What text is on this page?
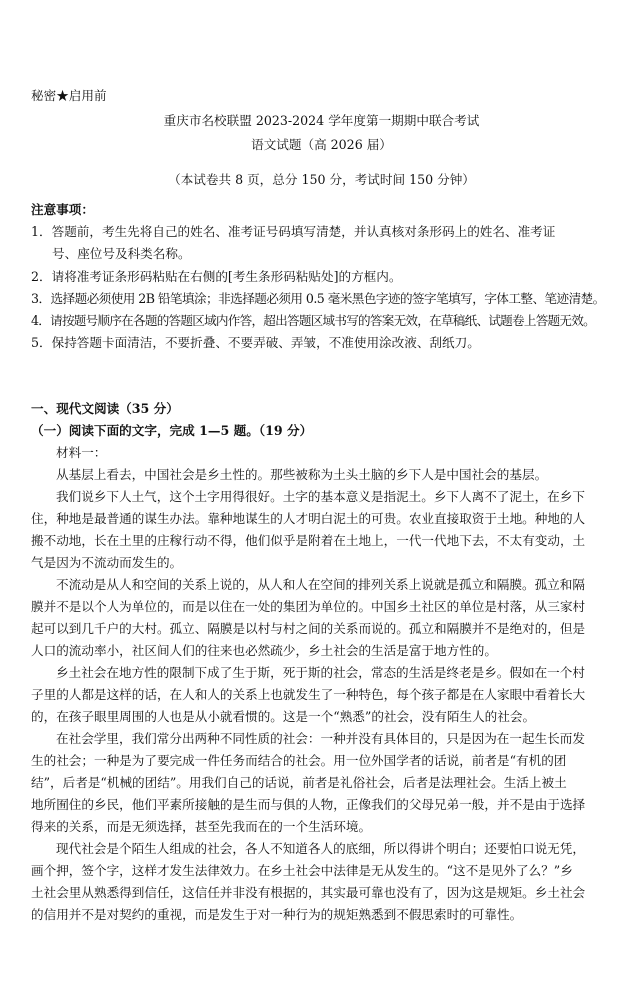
秘密★启用前
重庆市名校联盟 2023-2024 学年度第一期期中联合考试
语文试题（高 2026 届）
（本试卷共 8 页，总分 150 分，考试时间 150 分钟）
注意事项：
1．答题前，考生先将自己的姓名、准考证号码填写清楚，并认真核对条形码上的姓名、准考证
号、座位号及科类名称。
2．请将准考证条形码粘贴在右侧的[考生条形码粘贴处]的方框内。
3．选择题必须使用 2B 铅笔填涂；非选择题必须用 0.5 毫米黑色字迹的签字笔填写，字体工整、笔迹清楚。
4．请按题号顺序在各题的答题区域内作答，超出答题区域书写的答案无效，在草稿纸、试题卷上答题无效。
5．保持答题卡面清洁，不要折叠、不要弄破、弄皱，不准使用涂改液、刮纸刀。
一、现代文阅读（35 分）
（一）阅读下面的文字，完成 1—5 题。（19 分）
材料一：
从基层上看去，中国社会是乡土性的。那些被称为土头土脑的乡下人是中国社会的基层。
我们说乡下人土气，这个土字用得很好。土字的基本意义是指泥土。乡下人离不了泥土，在乡下
住，种地是最普通的谋生办法。靠种地谋生的人才明白泥土的可贵。农业直接取资于土地。种地的人
搬不动地，长在土里的庄稼行动不得，他们似乎是附着在土地上，一代一代地下去，不太有变动，土
气是因为不流动而发生的。
不流动是从人和空间的关系上说的，从人和人在空间的排列关系上说就是孤立和隔膜。孤立和隔
膜并不是以个人为单位的，而是以住在一处的集团为单位的。中国乡土社区的单位是村落，从三家村
起可以到几千户的大村。孤立、隔膜是以村与村之间的关系而说的。孤立和隔膜并不是绝对的，但是
人口的流动率小，社区间人们的往来也必然疏少，乡土社会的生活是富于地方性的。
乡土社会在地方性的限制下成了生于斯，死于斯的社会，常态的生活是终老是乡。假如在一个村
子里的人都是这样的话，在人和人的关系上也就发生了一种特色，每个孩子都是在人家眼中看着长大
的，在孩子眼里周围的人也是从小就看惯的。这是一个“熟悉”的社会，没有陌生人的社会。
在社会学里，我们常分出两种不同性质的社会：一种并没有具体目的，只是因为在一起生长而发
生的社会；一种是为了要完成一件任务而结合的社会。用一位外国学者的话说，前者是“有机的团
结”，后者是“机械的团结”。用我们自己的话说，前者是礼俗社会，后者是法理社会。生活上被土
地所囿住的乡民，他们平素所接触的是生而与俱的人物，正像我们的父母兄弟一般，并不是由于选择
得来的关系，而是无须选择，甚至先我而在的一个生活环境。
现代社会是个陌生人组成的社会，各人不知道各人的底细，所以得讲个明白；还要怕口说无凭，
画个押，签个字，这样才发生法律效力。在乡土社会中法律是无从发生的。“这不是见外了么？”乡
土社会里从熟悉得到信任，这信任并非没有根据的，其实最可靠也没有了，因为这是规矩。乡土社会
的信用并不是对契约的重视，而是发生于对一种行为的规矩熟悉到不假思索时的可靠性。
